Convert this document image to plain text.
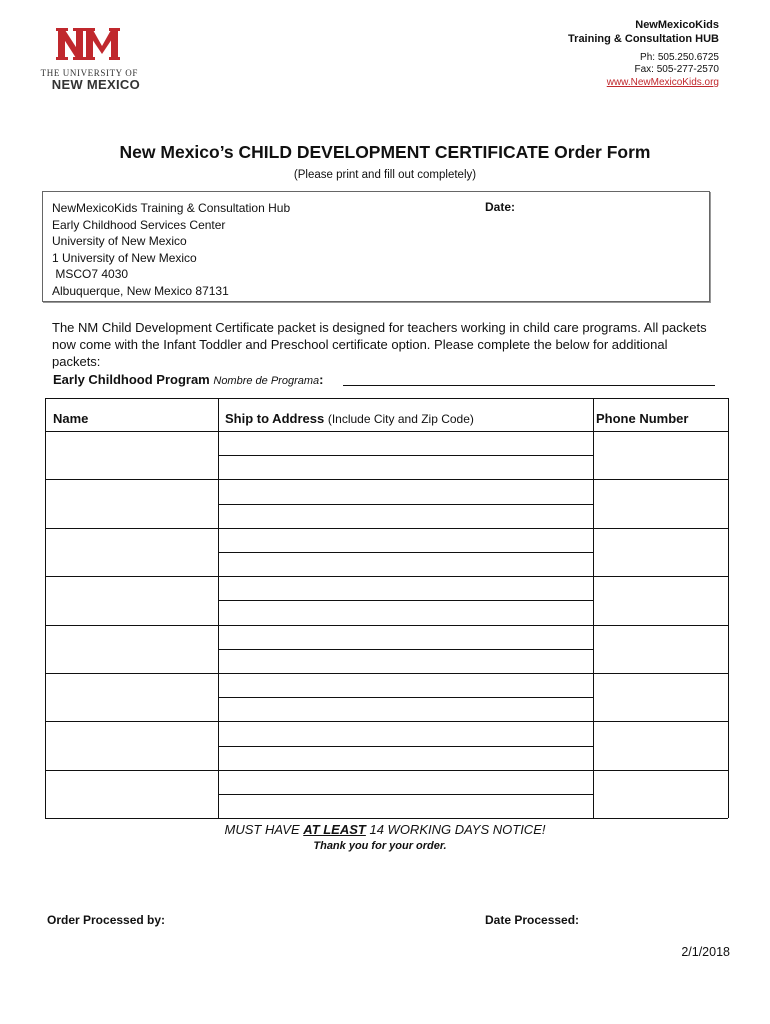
THE UNIVERSITY OF
NEW MEXICO
NewMexicoKids
Training & Consultation HUB
Ph: 505.250.6725
Fax: 505-277-2570
www.NewMexicoKids.org
New Mexico’s CHILD DEVELOPMENT CERTIFICATE Order Form
(Please print and fill out completely)
NewMexicoKids Training & Consultation Hub
Early Childhood Services Center
University of New Mexico
1 University of New Mexico
MSCO7 4030
Albuquerque, New Mexico 87131
Date:
The NM Child Development Certificate packet is designed for teachers working in child care programs. All packets now come with the Infant Toddler and Preschool certificate option. Please complete the below for additional packets:
Early Childhood Program Nombre de Programa:
Name	Ship to Address (Include City and Zip Code)	Phone Number
MUST HAVE AT LEAST 14 WORKING DAYS NOTICE!
Thank you for your order.
Order Processed by:	Date Processed:
2/1/2018
